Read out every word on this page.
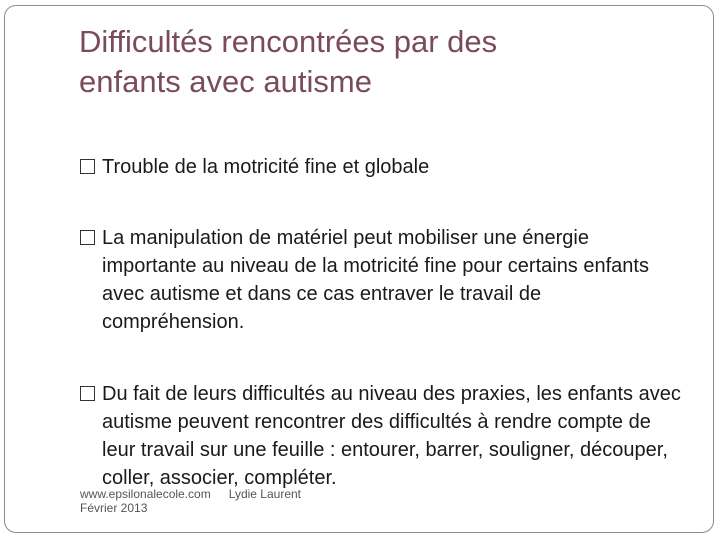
Difficultés rencontrées par des
enfants avec autisme
Trouble de la motricité fine et globale
La manipulation de matériel peut mobiliser une énergie importante au niveau de la motricité fine pour certains enfants avec autisme et dans ce cas entraver le travail de compréhension.
Du fait de leurs difficultés au niveau des praxies, les enfants avec autisme peuvent rencontrer des difficultés à rendre compte de leur travail sur une feuille : entourer, barrer, souligner, découper, coller, associer, compléter.
www.epsilonalecole.com Lydie Laurent
Février 2013
